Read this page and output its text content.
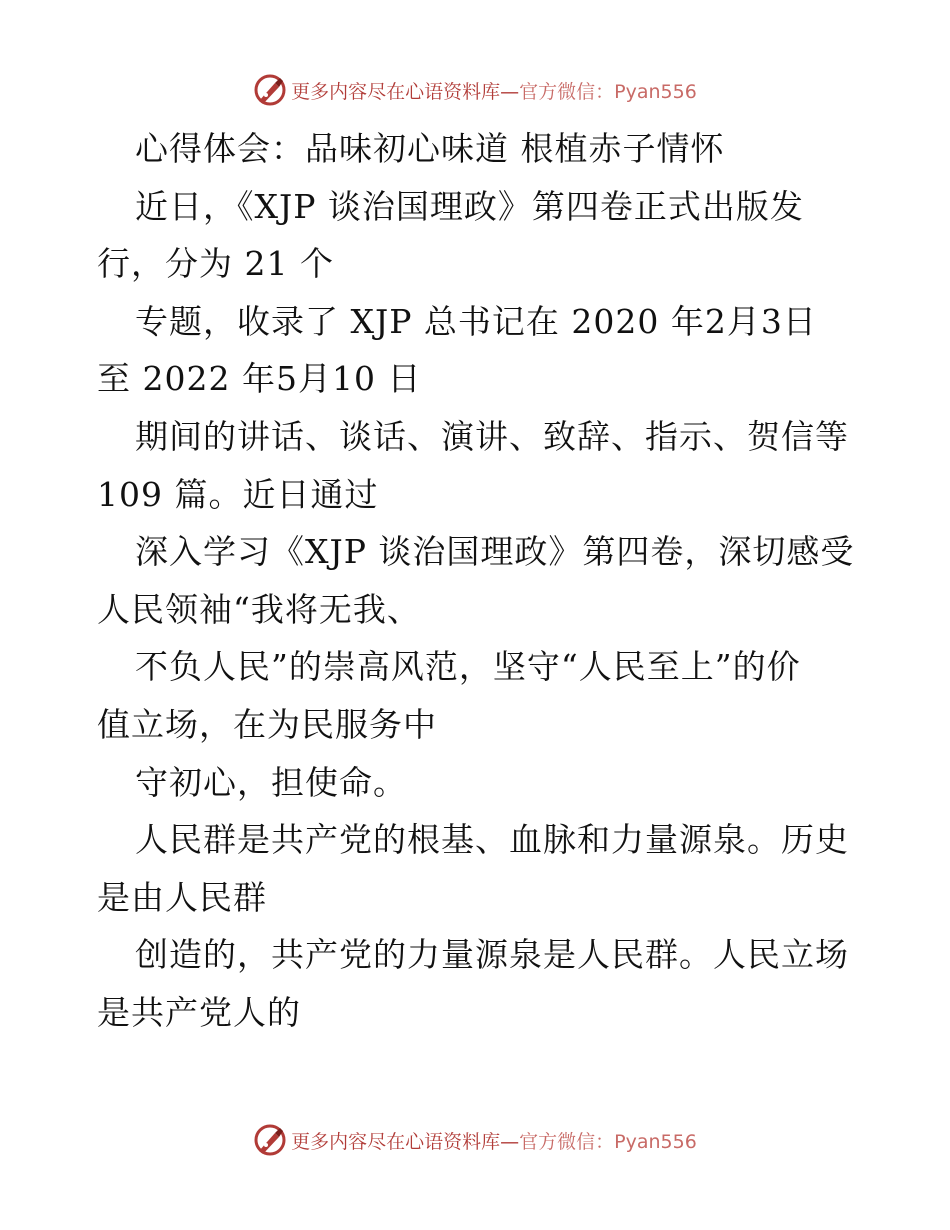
更多内容尽在心语资料库—官方微信：Pyan556
心得体会：品味初心味道 根植赤子情怀
近日，《XJP 谈治国理政》第四卷正式出版发
行，分为 21 个
专题，收录了 XJP 总书记在 2020 年2月3日
至 2022 年5月10 日
期间的讲话、谈话、演讲、致辞、指示、贺信等
109 篇。近日通过
深入学习《XJP 谈治国理政》第四卷，深切感受
人民领袖“我将无我、
不负人民”的崇高风范，坚守“人民至上”的价
值立场，在为民服务中
守初心，担使命。
人民群是共产党的根基、血脉和力量源泉。历史
是由人民群
创造的，共产党的力量源泉是人民群。人民立场
是共产党人的
更多内容尽在心语资料库—官方微信：Pyan556
